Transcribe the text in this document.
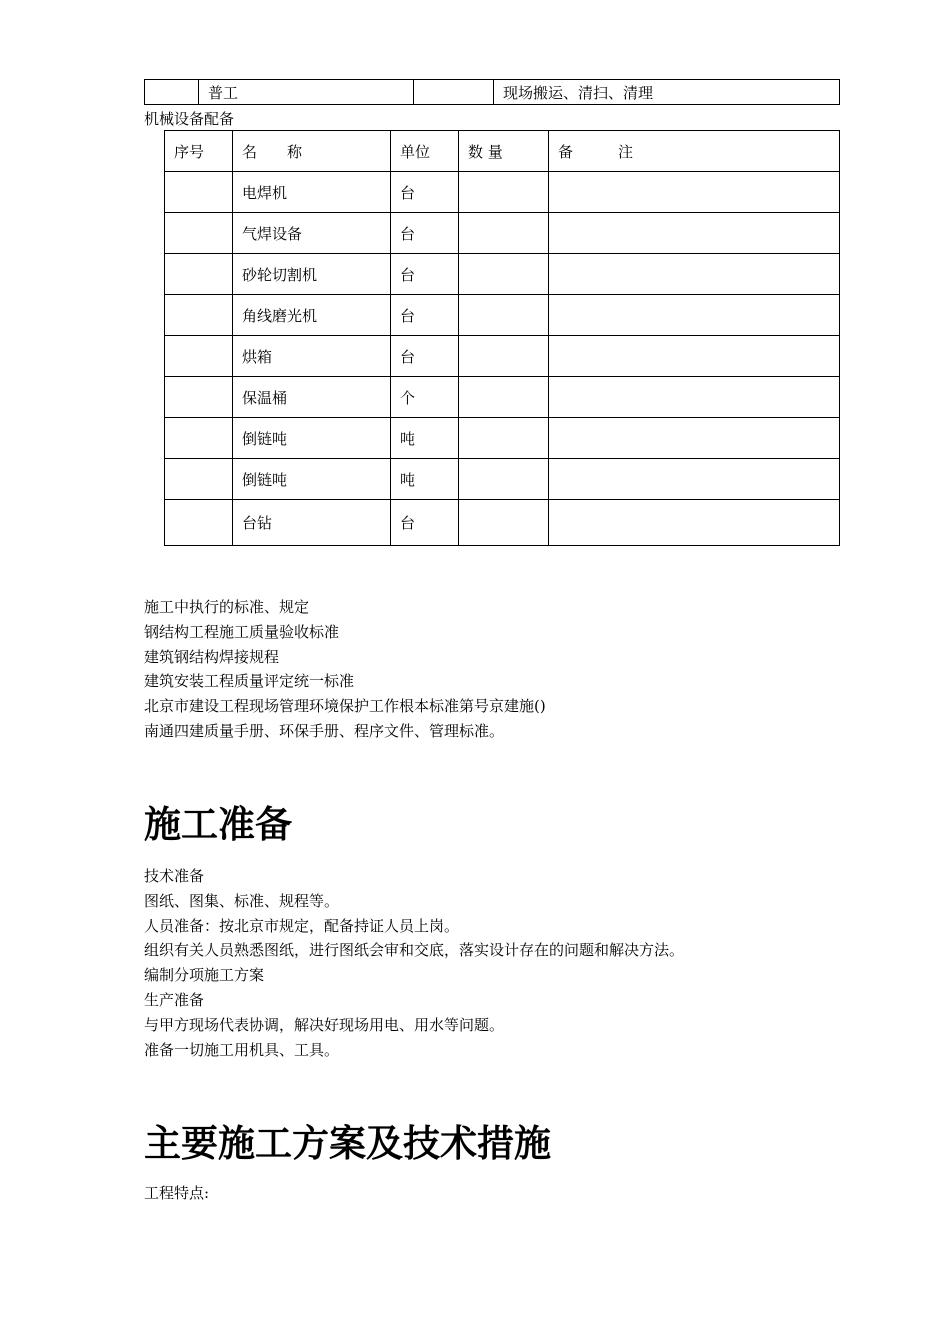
	普工		现场搬运、清扫、清理
机械设备配备
序号	名　　称	单位	数 量	备　　　注
	电焊机	台		
	气焊设备	台		
	砂轮切割机	台		
	角线磨光机	台		
	烘箱	台		
	保温桶	个		
	倒链吨	吨		
	倒链吨	吨		
	台钻	台		
施工中执行的标准、规定
钢结构工程施工质量验收标准
建筑钢结构焊接规程
建筑安装工程质量评定统一标准
北京市建设工程现场管理环境保护工作根本标准第号京建施()
南通四建质量手册、环保手册、程序文件、管理标准。
施工准备
技术准备
图纸、图集、标准、规程等。
人员准备：按北京市规定，配备持证人员上岗。
组织有关人员熟悉图纸，进行图纸会审和交底，落实设计存在的问题和解决方法。
编制分项施工方案
生产准备
与甲方现场代表协调，解决好现场用电、用水等问题。
准备一切施工用机具、工具。
主要施工方案及技术措施
工程特点:
